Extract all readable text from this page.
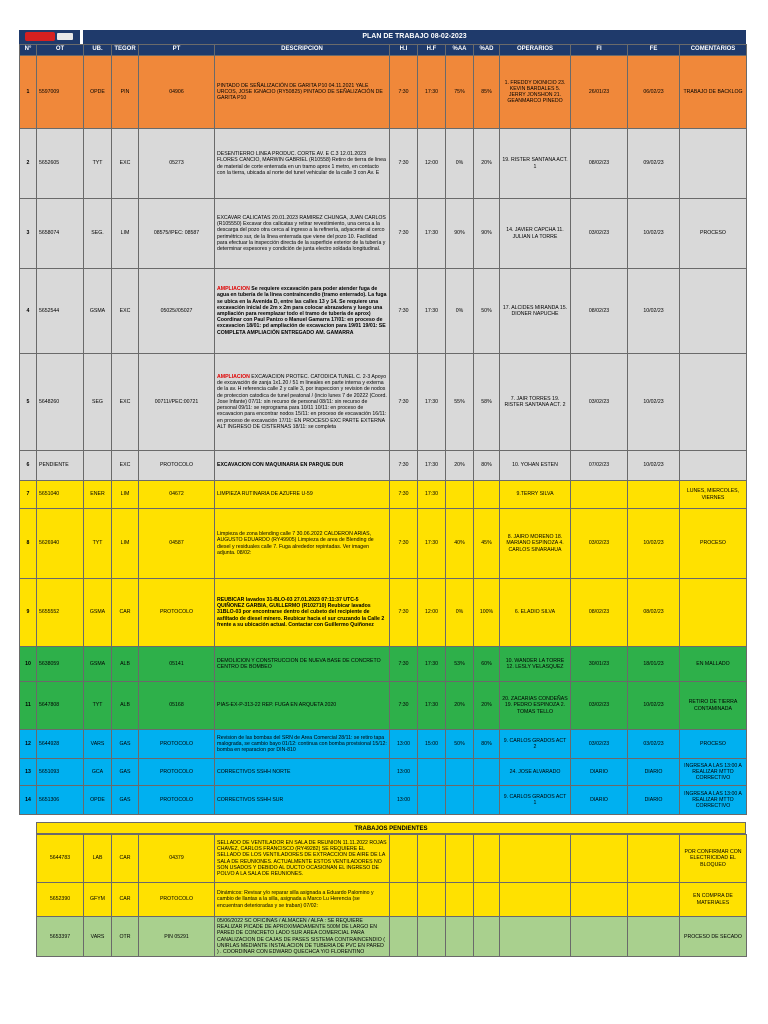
PLAN DE TRABAJO 08-02-2023
N°	OT	UB.	TEGOR	PT	DESCRIPCION	H.I	H.F	%AA	%AD	OPERARIOS	FI	FE	COMENTARIOS
1	5597009	OPDE	PIN	04906	PINTADO DE SEÑALIZACIÓN DE GARITA P10 04.11.2021 YALE URCOS, JOSE IGNACIO (RY50825) PINTADO DE SEÑALIZACIÓN DE GARITA P10	7:30	17:30	75%	85%	1. FREDDY DIONICIO 23. KEVIN BARDALES 5. JERRY JONSHON 21. GEANMARCO PINEDO	26/01/23	06/02/23	TRABAJO DE BACKLOG
2	5652605	TYT	EXC	05273	DESENTIERRO LINEA PRODUC. CORTE AV. E C.3 12.01.2023 FLORES CANCIO, MARWIN GABRIEL (R10558) Retiro de tierra de linea de material de corte enterrada en un tramo aprox 1 metro, en contacto con la tierra, ubicada al norte del tunel vehicular de la calle 3 con Av. E	7:30	12:00	0%	20%	19. RISTER SANTANA ACT. 1	08/02/23	09/02/23	
3	5658074	SEG.	LIM	08575//PEC: 08587	EXCAVAR CALICATAS 20.01.2023 RAMIREZ CHUNGA, JUAN CARLOS (R105550) Excavar dos calicatas y retirar revestimiento, una cerca a la descarga del pozo otra cerca al ingreso a la refinería, adyacente al cerco perimétrico sur, de la línea enterrada que viene del pozo 10. Facilidad para efectuar la inspección directa de la superficie exterior de la tubería y determinar espesores y condición de junta electro soldada longitudinal.	7:30	17:30	90%	90%	14. JAVIER CAPCHA 11. JULIAN LA TORRE	03/02/23	10/02/23	PROCESO
4	5652544	GSMA	EXC	05025//05027	AMPLIACION Se requiere excavación para poder atender fuga de agua en tubería de la línea contraincendio (tramo enterrado). La fuga se ubica en la Avenida D, entre las calles 13 y 14. Se requiere una excavación inicial de 2m x 2m para colocar abrazadera y luego una ampliación para reemplazar todo el tramo de tubería de aprox) Coordinar con Paul Panizo o Manuel Gamarra 17/01: en proceso de excavacion 18/01: pd ampliación de excavacion para 19/01 19/01: SE COMPLETA AMPLIACIÓN ENTREGADO AM. GAMARRA	7:30	17:30	0%	50%	17. ALCIDES MIRANDA 15. DIONER NAPUCHE	08/02/23	10/02/23	
5	5648260	SEG	EXC	00711//PEC:00721	AMPLIACION EXCAVACION PROTEC. CATODICA TUNEL C. 2-3 Apoyo de excavación de zanja 1x1.20 / 51 m lineales en parte interna y externa de la av. H referencia calle 2 y calle 3, por inspeccion y revision de nodos de proteccion catodica de tunel peatonal / (incio lunes 7 de 20222 (Coord. Jose Infante) 07/11: sin recurso de personal 08/11: sin recurso de personal 09/11: se reprograma para 10/11 10/11: en proceso de excavacion para encontrar nodos 15/11: en proceso de excavación 16/11: en proceso de excavación 17/11: EN PROCESO EXC PARTE EXTERNA ALT INGRESO DE CISTERNAS 18/11: se completa	7:30	17:30	55%	58%	7. JAIR TORRES 19. RISTER SANTANA ACT. 2	03/02/23	10/02/23	
6	PENDIENTE		EXC	PROTOCOLO	EXCAVACION CON MAQUINARIA EN PARQUE DUR	7:30	17:30	20%	80%	10. YOHAN ESTEN	07/02/23	10/02/23	
7	5651040	ENER	LIM	04672	LIMPIEZA RUTINARIA DE AZUFRE U-59	7:30	17:30			9.TERRY SILVA			LUNES, MIERCOLES, VIERNES
8	5626940	TYT	LIM	04587	Limpieza de zona blending calle 7 30.06.2022 CALDERON ARIAS, AUGUSTO EDUARDO (RY49905) Limpieza de area de Blending de diesel y residuales calle 7. Fuga alrededor repintadas. Ver imagen adjunta. 08/02:	7:30	17:30	40%	45%	8. JAIRO MORENO 18. MARIANO ESPINOZA 4. CARLOS SINARAHUA	03/02/23	10/02/23	PROCESO
9	5655552	GSMA	CAR	PROTOCOLO	REUBICAR lavados 31-BLO-03 27.01.2023 07:11:37 UTC-5 QUIÑONEZ GARBIA, GUILLERMO (R102710) Reubicar lavados 31BLO-03 por encontrarse dentro del cubeto del recipiente de asfiltado de diesel mínero. Reubicar hacia el sur cruzando la Calle 2 frente a su ubicación actual. Contactar con Guillermo Quiñonez	7:30	12:00	0%	100%	6. ELADIO SILVA	08/02/23	08/02/23	
10	5638059	GSMA	ALB	05141	DEMOLICION Y CONSTRUCCION DE NUEVA BASE DE CONCRETO CENTRO DE BOMBEO	7:30	17:30	53%	60%	10. WANDER LA TORRE 12. LESLY VELASQUEZ	30/01/23	18/01/23	EN MALLADO
11	5647808	TYT	ALB	05168	PIAS-EX-P-313-22 REP. FUGA EN ARQUETA 2020	7:30	17:30	20%	20%	20. ZACARIAS CONDEÑAS 19. PEDRO ESPINOZA 2. TOMAS TELLO	03/02/23	10/02/23	RETIRO DE TIERRA CONTAMINADA
12	5644928	VARS	GAS	PROTOCOLO	Revision de las bombas del SRN de Area Comercial 28/11: se retiro tapa malograda, se cambio bayo 01/12: continua con bomba provisional 15/12: bomba en reparacion por DIN-810	13:00	15:00	50%	80%	9. CARLOS GRADOS ACT 2	03/02/23	03/02/23	PROCESO
13	5651093	GCA	GAS	PROTOCOLO	CORRECTIVOS SSHH NORTE	13:00				24. JOSE ALVARADO	DIARIO	DIARIO	INGRESA A LAS 13:00 A REALIZAR MTTO CORRECTIVO
14	5651306	OPDE	GAS	PROTOCOLO	CORRECTIVOS SSHH SUR	13:00				9. CARLOS GRADOS ACT 1	DIARIO	DIARIO	INGRESA A LAS 13:00 A REALIZAR MTTO CORRECTIVO
TRABAJOS PENDIENTES
5644783	LAB	CAR	04379	SELLADO DE VENTILADOR EN SALA DE REUNION 11.11.2022 ROJAS CHAVEZ, CARLOS FRANCISCO (RY49282) SE REQUIERE EL SELLADO DE LOS VENTILADORES DE EXTRACCION DE AIRE DE LA SALA DE REUNIONES. ACTUALMENTE ESTOS VENTILADORES NO SON USADOS Y DEBIDO AL DUCTO OCASIONAN EL INGRESO DE POLVO A LA SALA DE REUNIONES.								POR CONFIRMAR CON ELECTRICIDAD EL BLOQUEO
5652390	GFYM	CAR	PROTOCOLO	Dinámicos: Revisar y/o reparar silla asignada a Eduardo Palomino y cambio de llantas a la silla, asignada a Marco Lu Herencia (se encuentran deterioradas y se traban) 07/02:								EN COMPRA DE MATERIALES
5653397	VARS	OTR	PIN 05291	05/06/2022 SC OFICINAS / ALMACEN / ALFA : SE REQUIERE REALIZAR PICADE DE APROXIMADAMENTE 500M DE LARGO EN PARED DE CONCRETO LADO SUR AREA COMERCIAL PARA CANALIZACION DE CAJAS DE PASES SISTEMA CONTRAINCENDIO ( UNIRLAS MEDIANTE INSTALACION DE TUBERIA DE PVC EN PARED ) . COORDINAR CON EDWARD QUECHCA Y/O FLORENTINO								PROCESO DE SECADO
